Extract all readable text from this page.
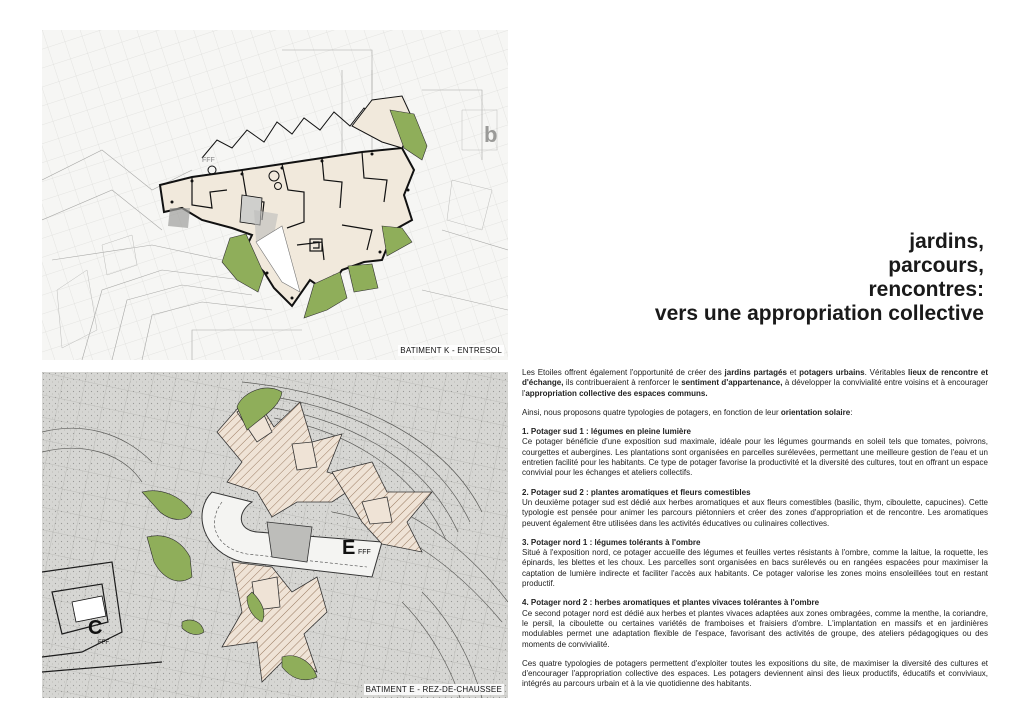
b
FFF
BATIMENT K - ENTRESOL
E FFF
C
FFF
BATIMENT E - REZ-DE-CHAUSSEE
jardins,
parcours,
rencontres:
vers une appropriation collective

Les Etoiles offrent également l'opportunité de créer des jardins partagés et potagers urbains. Véritables lieux de rencontre et d'échange, ils contribueraient à renforcer le sentiment d'appartenance, à développer la convivialité entre voisins et à encourager l'appropriation collective des espaces communs.

Ainsi, nous proposons quatre typologies de potagers, en fonction de leur orientation solaire:

1. Potager sud 1 : légumes en pleine lumière

Ce potager bénéficie d'une exposition sud maximale, idéale pour les légumes gourmands en soleil tels que tomates, poivrons, courgettes et aubergines. Les plantations sont organisées en parcelles surélevées, permettant une meilleure gestion de l'eau et un entretien facilité pour les habitants. Ce type de potager favorise la productivité et la diversité des cultures, tout en offrant un espace convivial pour les échanges et ateliers collectifs.

2. Potager sud 2 : plantes aromatiques et fleurs comestibles

Un deuxième potager sud est dédié aux herbes aromatiques et aux fleurs comestibles (basilic, thym, ciboulette, capucines). Cette typologie est pensée pour animer les parcours piétonniers et créer des zones d'appropriation et de rencontre. Les aromatiques peuvent également être utilisées dans les activités éducatives ou culinaires collectives.

3. Potager nord 1 : légumes tolérants à l'ombre

Situé à l'exposition nord, ce potager accueille des légumes et feuilles vertes résistants à l'ombre, comme la laitue, la roquette, les épinards, les blettes et les choux. Les parcelles sont organisées en bacs surélevés ou en rangées espacées pour maximiser la captation de lumière indirecte et faciliter l'accès aux habitants. Ce potager valorise les zones moins ensoleillées tout en restant productif.

4. Potager nord 2 : herbes aromatiques et plantes vivaces tolérantes à l'ombre

Ce second potager nord est dédié aux herbes et plantes vivaces adaptées aux zones ombragées, comme la menthe, la coriandre, le persil, la ciboulette ou certaines variétés de framboises et fraisiers d'ombre. L'implantation en massifs et en jardinières modulables permet une adaptation flexible de l'espace, favorisant des activités de groupe, des ateliers pédagogiques ou des moments de convivialité.

Ces quatre typologies de potagers permettent d'exploiter toutes les expositions du site, de maximiser la diversité des cultures et d'encourager l'appropriation collective des espaces. Les potagers deviennent ainsi des lieux productifs, éducatifs et conviviaux, intégrés au parcours urbain et à la vie quotidienne des habitants.
